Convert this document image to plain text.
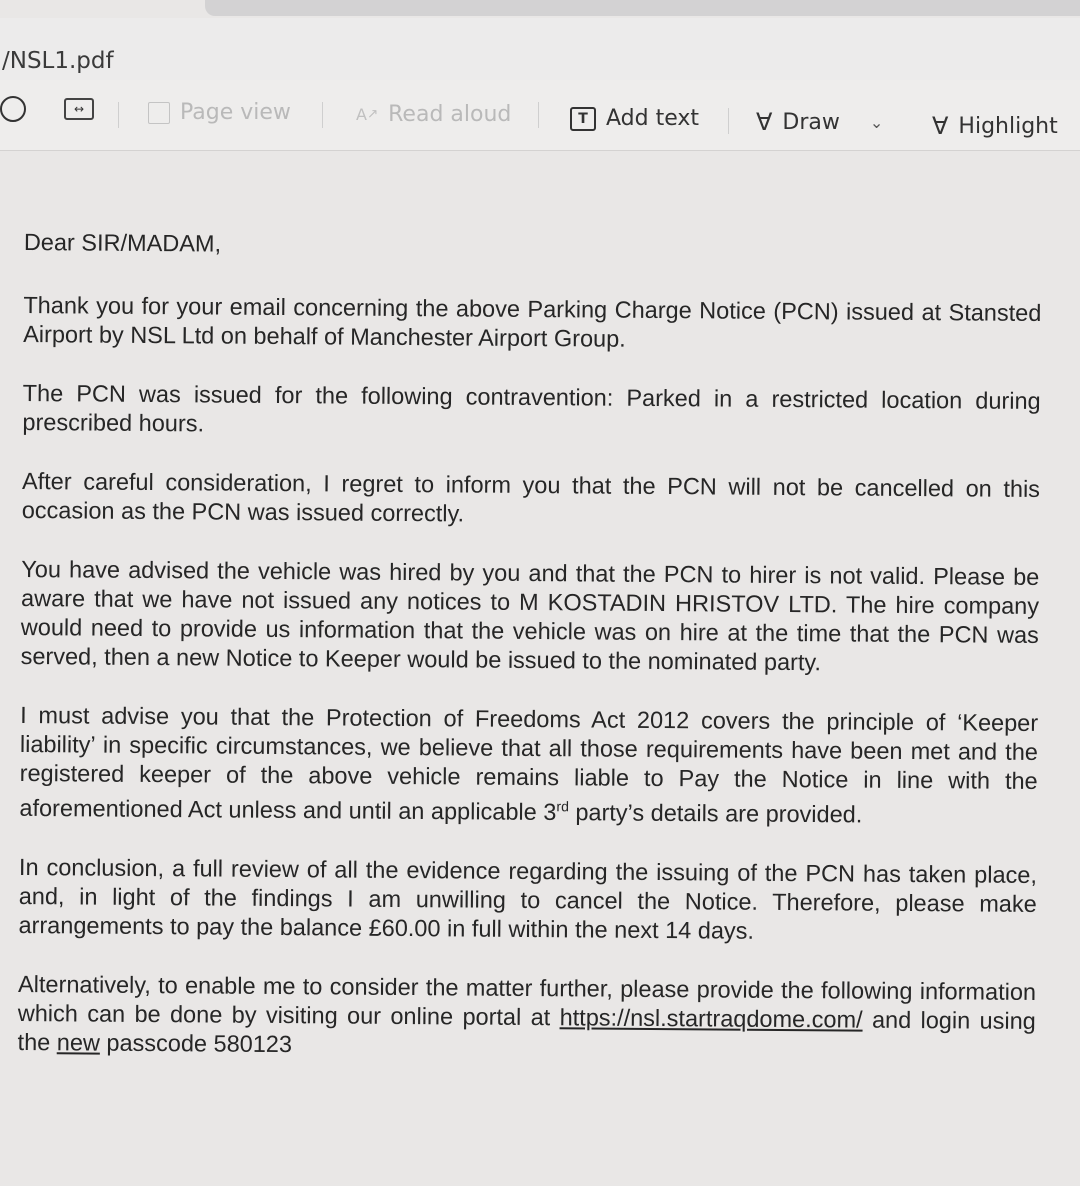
/NSL1.pdf
↔	Page view	A ↗ Read aloud	T Add text ∀ Draw ⌄ ∀ Highlight

Dear SIR/MADAM,

Thank you for your email concerning the above Parking Charge Notice (PCN) issued at Stansted Airport by NSL Ltd on behalf of Manchester Airport Group.

The PCN was issued for the following contravention: Parked in a restricted location during prescribed hours.

After careful consideration, I regret to inform you that the PCN will not be cancelled on this occasion as the PCN was issued correctly.

You have advised the vehicle was hired by you and that the PCN to hirer is not valid. Please be aware that we have not issued any notices to M KOSTADIN HRISTOV LTD. The hire company would need to provide us information that the vehicle was on hire at the time that the PCN was served, then a new Notice to Keeper would be issued to the nominated party.

I must advise you that the Protection of Freedoms Act 2012 covers the principle of ‘Keeper liability’ in specific circumstances, we believe that all those requirements have been met and the registered keeper of the above vehicle remains liable to Pay the Notice in line with the aforementioned Act unless and until an applicable 3rd party’s details are provided.

In conclusion, a full review of all the evidence regarding the issuing of the PCN has taken place, and, in light of the findings I am unwilling to cancel the Notice. Therefore, please make arrangements to pay the balance £60.00 in full within the next 14 days.

Alternatively, to enable me to consider the matter further, please provide the following information which can be done by visiting our online portal at https://nsl.startraqdome.com/ and login using the new passcode 580123
